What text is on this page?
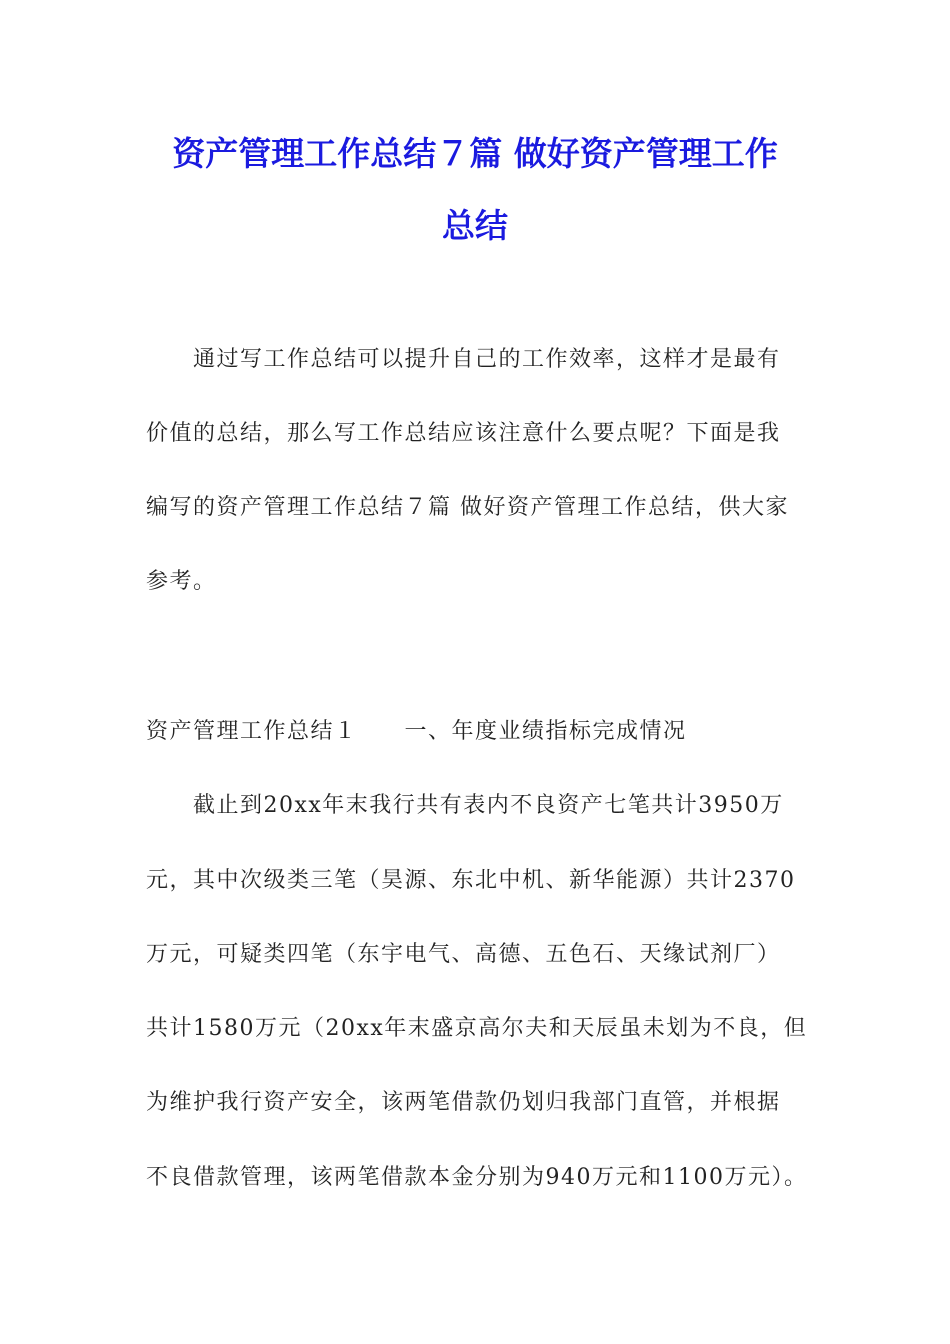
资产管理工作总结７篇 做好资产管理工作
总结
通过写工作总结可以提升自己的工作效率，这样才是最有
价值的总结，那么写工作总结应该注意什么要点呢？下面是我
编写的资产管理工作总结７篇 做好资产管理工作总结，供大家
参考。
资产管理工作总结１　　一、年度业绩指标完成情况
截止到20xx年末我行共有表内不良资产七笔共计3950万
元，其中次级类三笔（昊源、东北中机、新华能源）共计2370
万元，可疑类四笔（东宇电气、高德、五色石、天缘试剂厂）
共计1580万元（20xx年末盛京高尔夫和天辰虽未划为不良，但
为维护我行资产安全，该两笔借款仍划归我部门直管，并根据
不良借款管理，该两笔借款本金分别为940万元和1100万元）。
